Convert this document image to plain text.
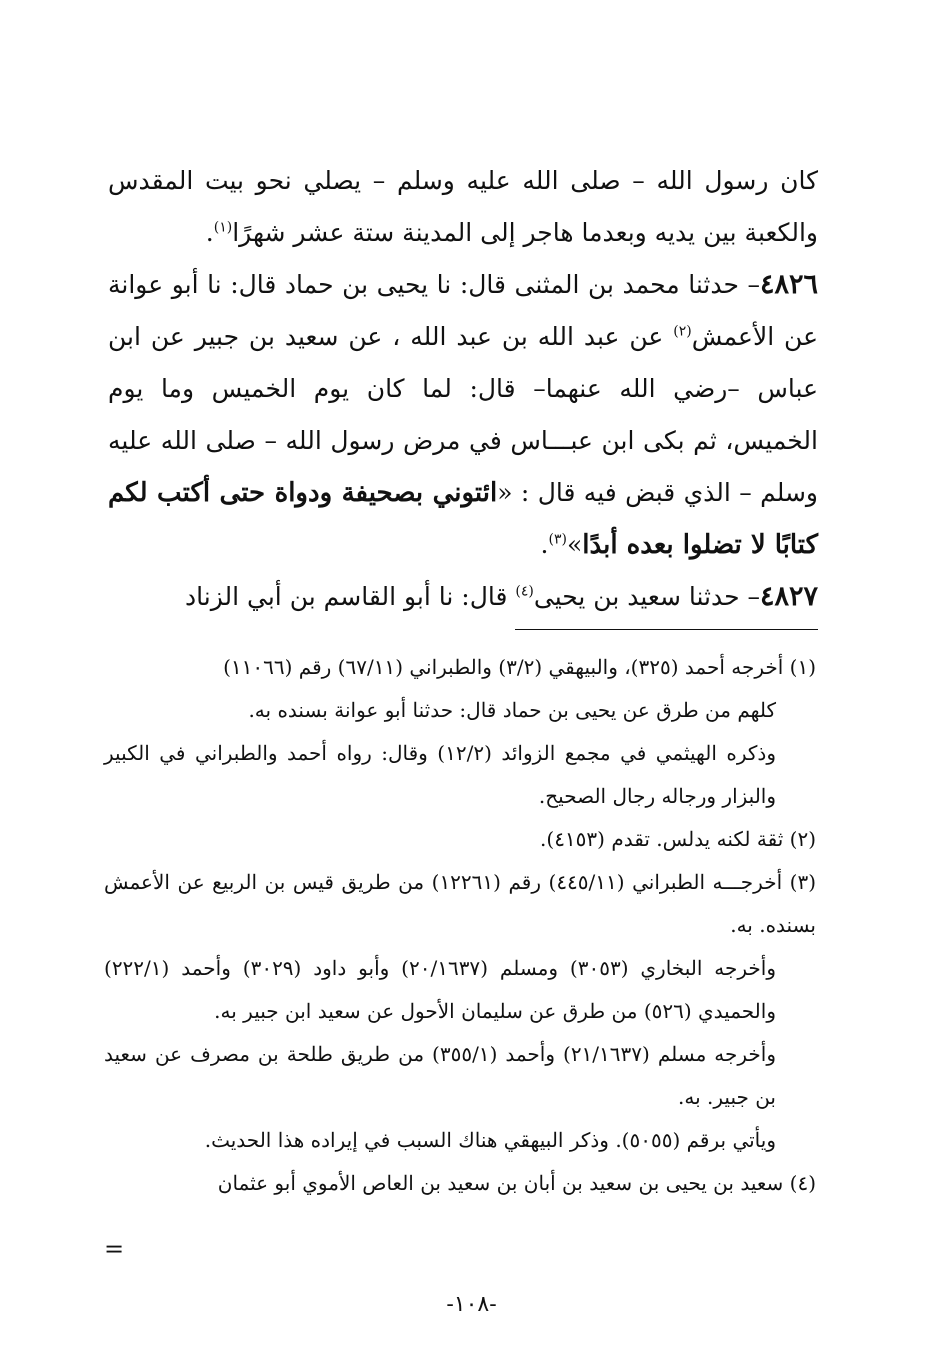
كان رسول الله – صلى الله عليه وسلم – يصلي نحو بيت المقدس والكعبة بين يديه وبعدما هاجر إلى المدينة ستة عشر شهرًا$^{(١)}$.

٤٨٢٦– حدثنا محمد بن المثنى قال: نا يحيى بن حماد قال: نا أبو عوانة عن الأعمش$^{(٢)}$ عن عبد الله بن عبد الله ، عن سعيد بن جبير عن ابن عباس –رضي الله عنهما– قال: لما كان يوم الخميس وما يوم الخميس، ثم بكى ابن عبـــاس في مرض رسول الله – صلى الله عليه وسلم – الذي قبض فيه قال : «ائتوني بصحيفة ودواة حتى أكتب لكم كتابًا لا تضلوا بعده أبدًا»$^{(٣)}$.

٤٨٢٧– حدثنا سعيد بن يحيى$^{(٤)}$ قال: نا أبو القاسم بن أبي الزناد

(١) أخرجه أحمد (٣٢٥)، والبيهقي (٣/٢) والطبراني (٦٧/١١) رقم (١١٠٦٦)

كلهم من طرق عن يحيى بن حماد قال: حدثنا أبو عوانة بسنده به.

وذكره الهيثمي في مجمع الزوائد (١٢/٢) وقال: رواه أحمد والطبراني في الكبير والبزار ورجاله رجال الصحيح.

(٢) ثقة لكنه يدلس. تقدم (٤١٥٣).

(٣) أخرجـــه الطبراني (٤٤٥/١١) رقم (١٢٢٦١) من طريق قيس بن الربيع عن الأعمش بسنده. به.

وأخرجه البخاري (٣٠٥٣) ومسلم (٢٠/١٦٣٧) وأبو داود (٣٠٢٩) وأحمد (٢٢٢/١) والحميدي (٥٢٦) من طرق عن سليمان الأحول عن سعيد ابن جبير به.

وأخرجه مسلم (٢١/١٦٣٧) وأحمد (٣٥٥/١) من طريق طلحة بن مصرف عن سعيد بن جبير. به.

ويأتي برقم (٥٠٥٥). وذكر البيهقي هناك السبب في إيراده هذا الحديث.

(٤) سعيد بن يحيى بن سعيد بن أبان بن سعيد بن العاص الأموي أبو عثمان

=
-١٠٨-
